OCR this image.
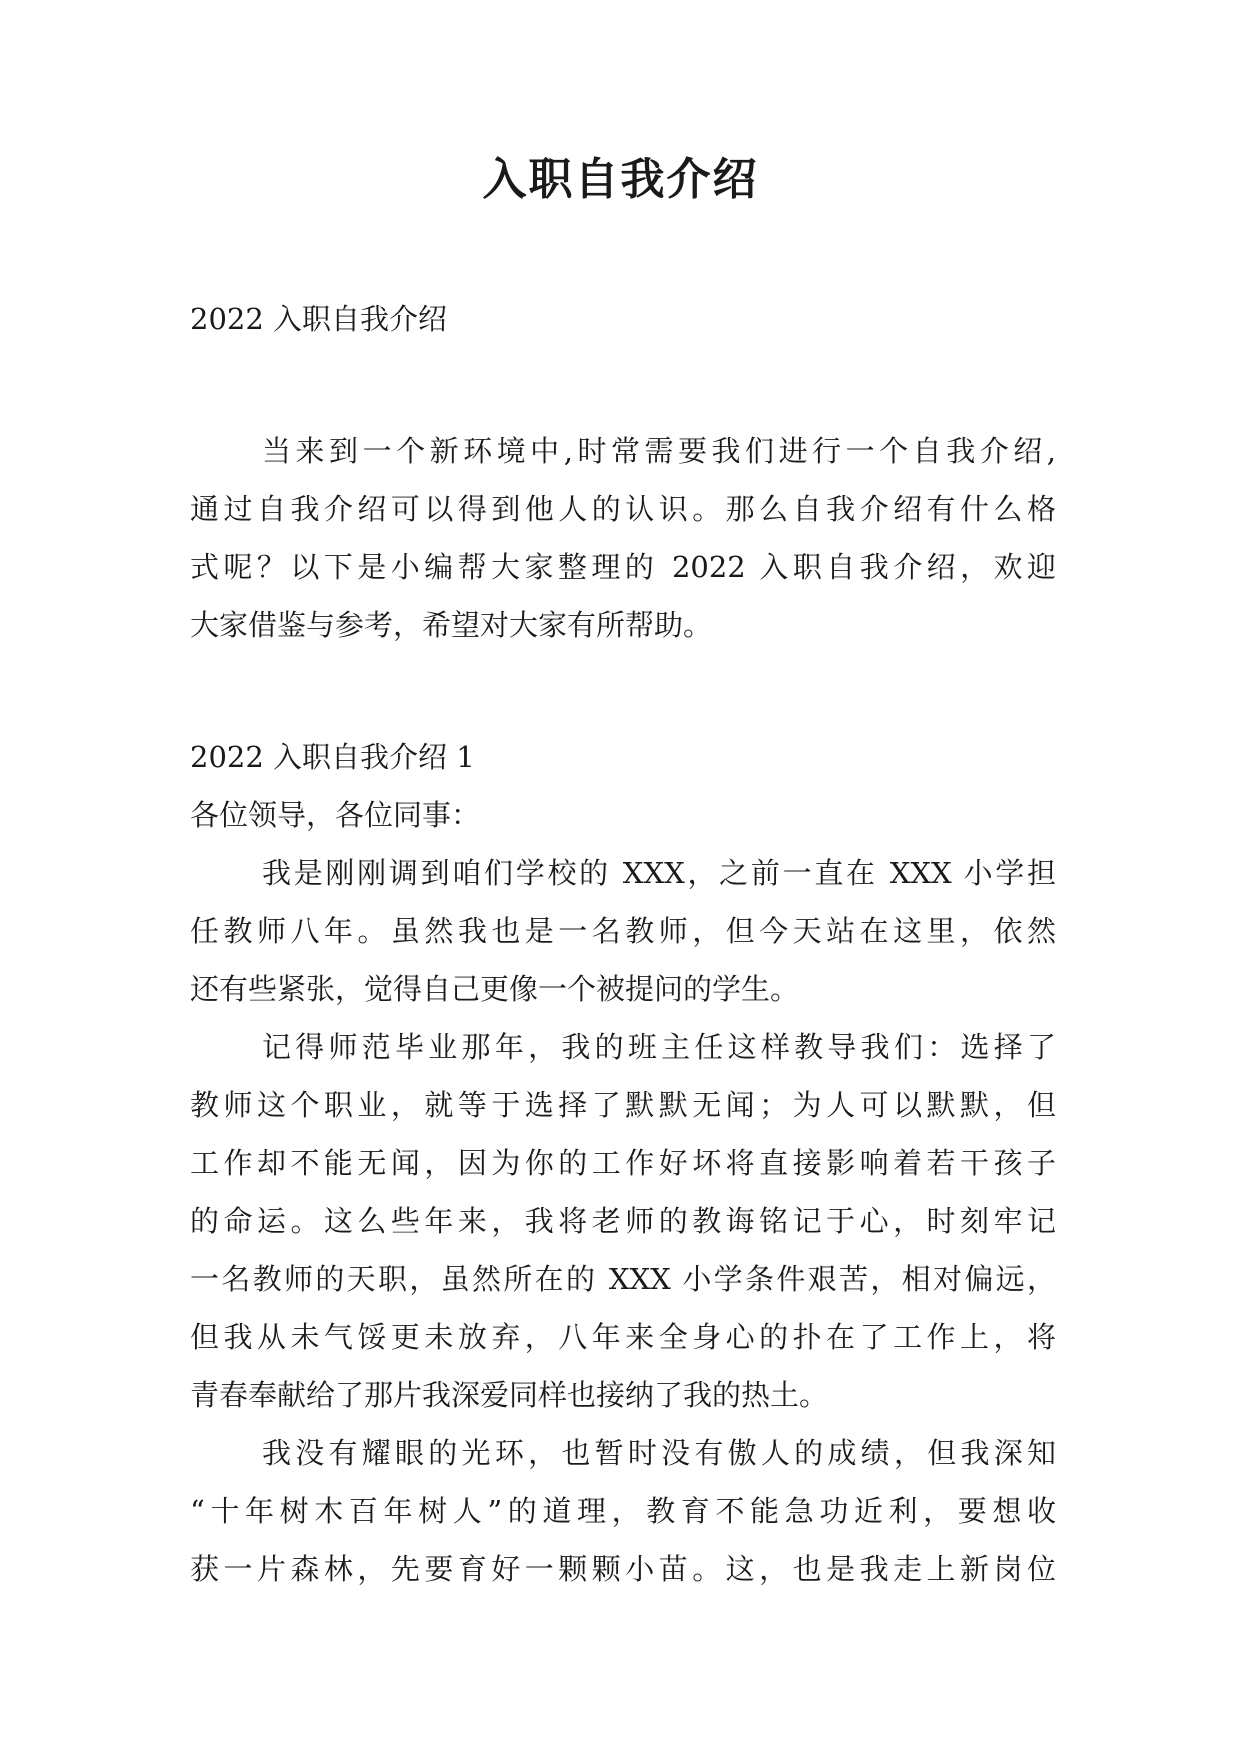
入职自我介绍
2022 入职自我介绍
当来到一个新环境中,时常需要我们进行一个自我介绍,
通过自我介绍可以得到他人的认识。那么自我介绍有什么格
式呢？以下是小编帮大家整理的 2022 入职自我介绍，欢迎
大家借鉴与参考，希望对大家有所帮助。
2022 入职自我介绍 1
各位领导，各位同事：
我是刚刚调到咱们学校的 XXX，之前一直在 XXX 小学担
任教师八年。虽然我也是一名教师，但今天站在这里，依然
还有些紧张，觉得自己更像一个被提问的学生。
记得师范毕业那年，我的班主任这样教导我们：选择了
教师这个职业，就等于选择了默默无闻；为人可以默默，但
工作却不能无闻，因为你的工作好坏将直接影响着若干孩子
的命运。这么些年来，我将老师的教诲铭记于心，时刻牢记
一名教师的天职，虽然所在的 XXX 小学条件艰苦，相对偏远，
但我从未气馁更未放弃，八年来全身心的扑在了工作上，将
青春奉献给了那片我深爱同样也接纳了我的热土。
我没有耀眼的光环，也暂时没有傲人的成绩，但我深知
“十年树木百年树人”的道理，教育不能急功近利，要想收
获一片森林，先要育好一颗颗小苗。这，也是我走上新岗位
